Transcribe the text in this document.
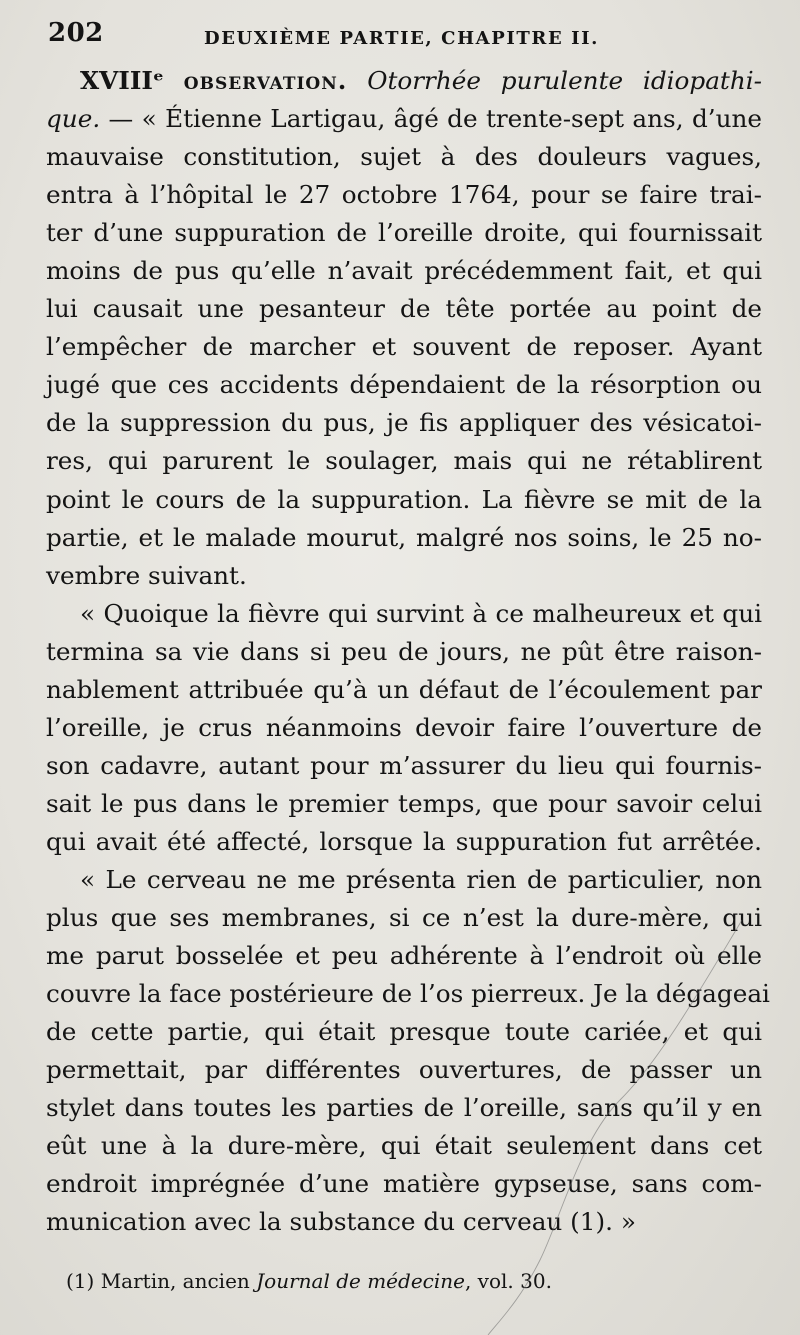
202	DEUXIÈME PARTIE, CHAPITRE II.
XVIIIᵉ observation. Otorrhée purulente idiopathi-
que. — « Étienne Lartigau, âgé de trente-sept ans, d’une
mauvaise constitution, sujet à des douleurs vagues,
entra à l’hôpital le 27 octobre 1764, pour se faire trai-
ter d’une suppuration de l’oreille droite, qui fournissait
moins de pus qu’elle n’avait précédemment fait, et qui
lui causait une pesanteur de tête portée au point de
l’empêcher de marcher et souvent de reposer. Ayant
jugé que ces accidents dépendaient de la résorption ou
de la suppression du pus, je fis appliquer des vésicatoi-
res, qui parurent le soulager, mais qui ne rétablirent
point le cours de la suppuration. La fièvre se mit de la
partie, et le malade mourut, malgré nos soins, le 25 no-
vembre suivant.
« Quoique la fièvre qui survint à ce malheureux et qui
termina sa vie dans si peu de jours, ne pût être raison-
nablement attribuée qu’à un défaut de l’écoulement par
l’oreille, je crus néanmoins devoir faire l’ouverture de
son cadavre, autant pour m’assurer du lieu qui fournis-
sait le pus dans le premier temps, que pour savoir celui
qui avait été affecté, lorsque la suppuration fut arrêtée.
« Le cerveau ne me présenta rien de particulier, non
plus que ses membranes, si ce n’est la dure-mère, qui
me parut bosselée et peu adhérente à l’endroit où elle
couvre la face postérieure de l’os pierreux. Je la dégageai
de cette partie, qui était presque toute cariée, et qui
permettait, par différentes ouvertures, de passer un
stylet dans toutes les parties de l’oreille, sans qu’il y en
eût une à la dure-mère, qui était seulement dans cet
endroit imprégnée d’une matière gypseuse, sans com-
munication avec la substance du cerveau (1). »
(1) Martin, ancien Journal de médecine, vol. 30.
